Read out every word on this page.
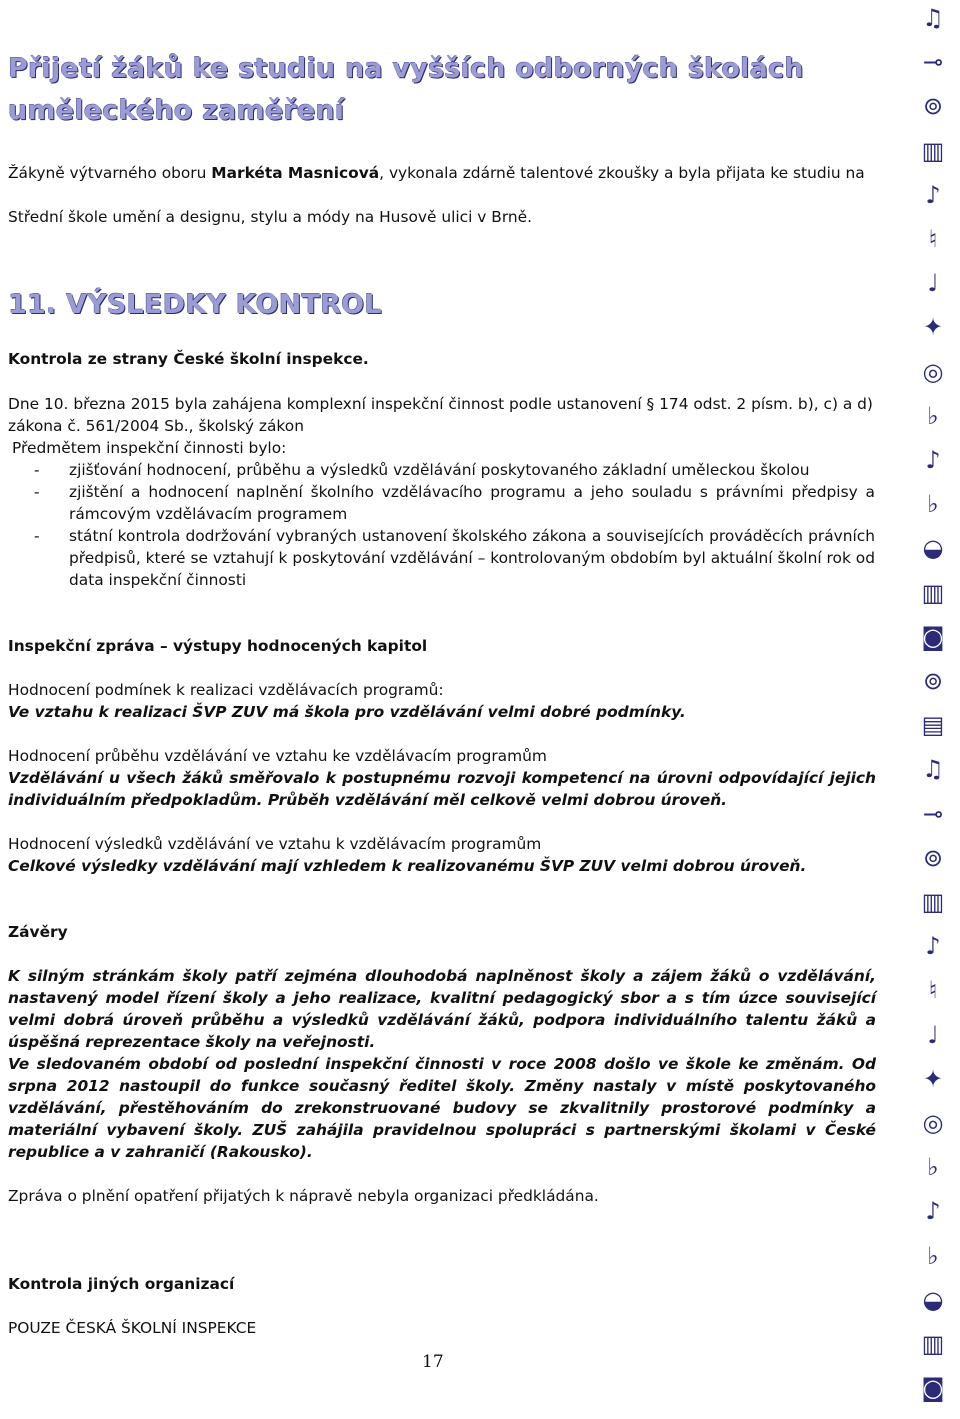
Přijetí žáků ke studiu na vyšších odborných školách uměleckého zaměření
Žákyně výtvarného oboru Markéta Masnicová, vykonala zdárně talentové zkoušky a byla přijata ke studiu na Střední škole umění a designu, stylu a módy na Husově ulici v Brně.
11. VÝSLEDKY KONTROL
Kontrola ze strany České školní inspekce.
Dne 10. března 2015 byla zahájena komplexní inspekční činnost podle ustanovení § 174 odst. 2 písm. b), c) a d) zákona č. 561/2004 Sb., školský zákon
Předmětem inspekční činnosti bylo:
- zjišťování hodnocení, průběhu a výsledků vzdělávání poskytovaného základní uměleckou školou
- zjištění a hodnocení naplnění školního vzdělávacího programu a jeho souladu s právními předpisy a rámcovým vzdělávacím programem
- státní kontrola dodržování vybraných ustanovení školského zákona a souvisejících prováděcích právních předpisů, které se vztahují k poskytování vzdělávání – kontrolovaným obdobím byl aktuální školní rok od data inspekční činnosti
Inspekční zpráva – výstupy hodnocených kapitol
Hodnocení podmínek k realizaci vzdělávacích programů:
Ve vztahu k realizaci ŠVP ZUV má škola pro vzdělávání velmi dobré podmínky.
Hodnocení průběhu vzdělávání ve vztahu ke vzdělávacím programům
Vzdělávání u všech žáků směřovalo k postupnému rozvoji kompetencí na úrovni odpovídající jejich individuálním předpokladům. Průběh vzdělávání měl celkově velmi dobrou úroveň.
Hodnocení výsledků vzdělávání ve vztahu k vzdělávacím programům
Celkové výsledky vzdělávání mají vzhledem k realizovanému ŠVP ZUV velmi dobrou úroveň.
Závěry
K silným stránkám školy patří zejména dlouhodobá naplněnost školy a zájem žáků o vzdělávání, nastavený model řízení školy a jeho realizace, kvalitní pedagogický sbor a s tím úzce související velmi dobrá úroveň průběhu a výsledků vzdělávání žáků, podpora individuálního talentu žáků a úspěšná reprezentace školy na veřejnosti.
Ve sledovaném období od poslední inspekční činnosti v roce 2008 došlo ve škole ke změnám. Od srpna 2012 nastoupil do funkce současný ředitel školy. Změny nastaly v místě poskytovaného vzdělávání, přestěhováním do zrekonstruované budovy se zkvalitnily prostorové podmínky a materiální vybavení školy. ZUŠ zahájila pravidelnou spolupráci s partnerskými školami v České republice a v zahraničí (Rakousko).
Zpráva o plnění opatření přijatých k nápravě nebyla organizaci předkládána.
Kontrola jiných organizací
POUZE ČESKÁ ŠKOLNÍ INSPEKCE
17
♫
⊸
⊚
▥
♪
♮
♩
✦
◎
♭
♪
♭
◒
▥
◙
⊚
▤
♫
⊸
⊚
▥
♪
♮
♩
✦
◎
♭
♪
♭
◒
▥
◙
